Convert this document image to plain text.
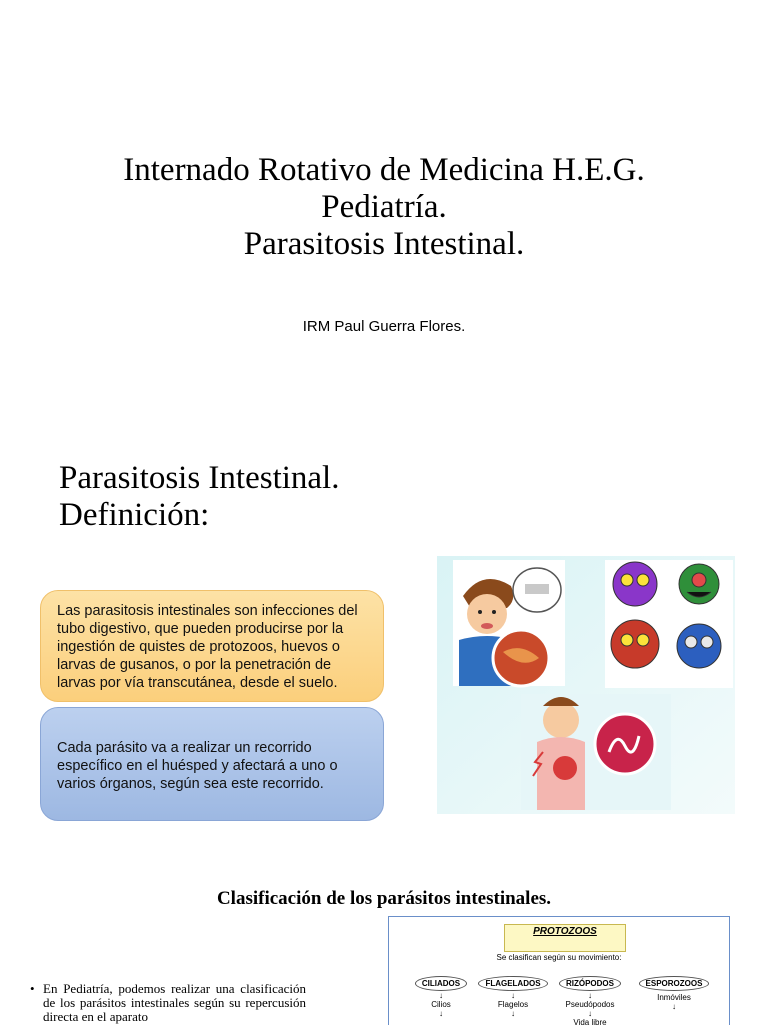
Internado Rotativo de Medicina H.E.G.
Pediatría.
Parasitosis Intestinal.
IRM Paul Guerra Flores.
Parasitosis Intestinal.
Definición:
Las parasitosis intestinales son infecciones del tubo digestivo, que pueden producirse por la ingestión de quistes de protozoos, huevos o larvas de gusanos, o por la penetración de larvas por vía transcutánea, desde el suelo.
Cada parásito va a realizar un recorrido específico en el huésped y afectará a uno o varios órganos, según sea este recorrido.
Clasificación de los parásitos intestinales.
• En Pediatría, podemos realizar una clasificación de los parásitos intestinales según su repercusión directa en el aparato
PROTOZOOS
Se clasifican según su movimiento:
CILIADOS
↓
Cilios
↓
FLAGELADOS
↓
Flagelos
↓
RIZÓPODOS
↓
Pseudópodos
↓
Vida libre
ESPOROZOOS
Inmóviles
↓
